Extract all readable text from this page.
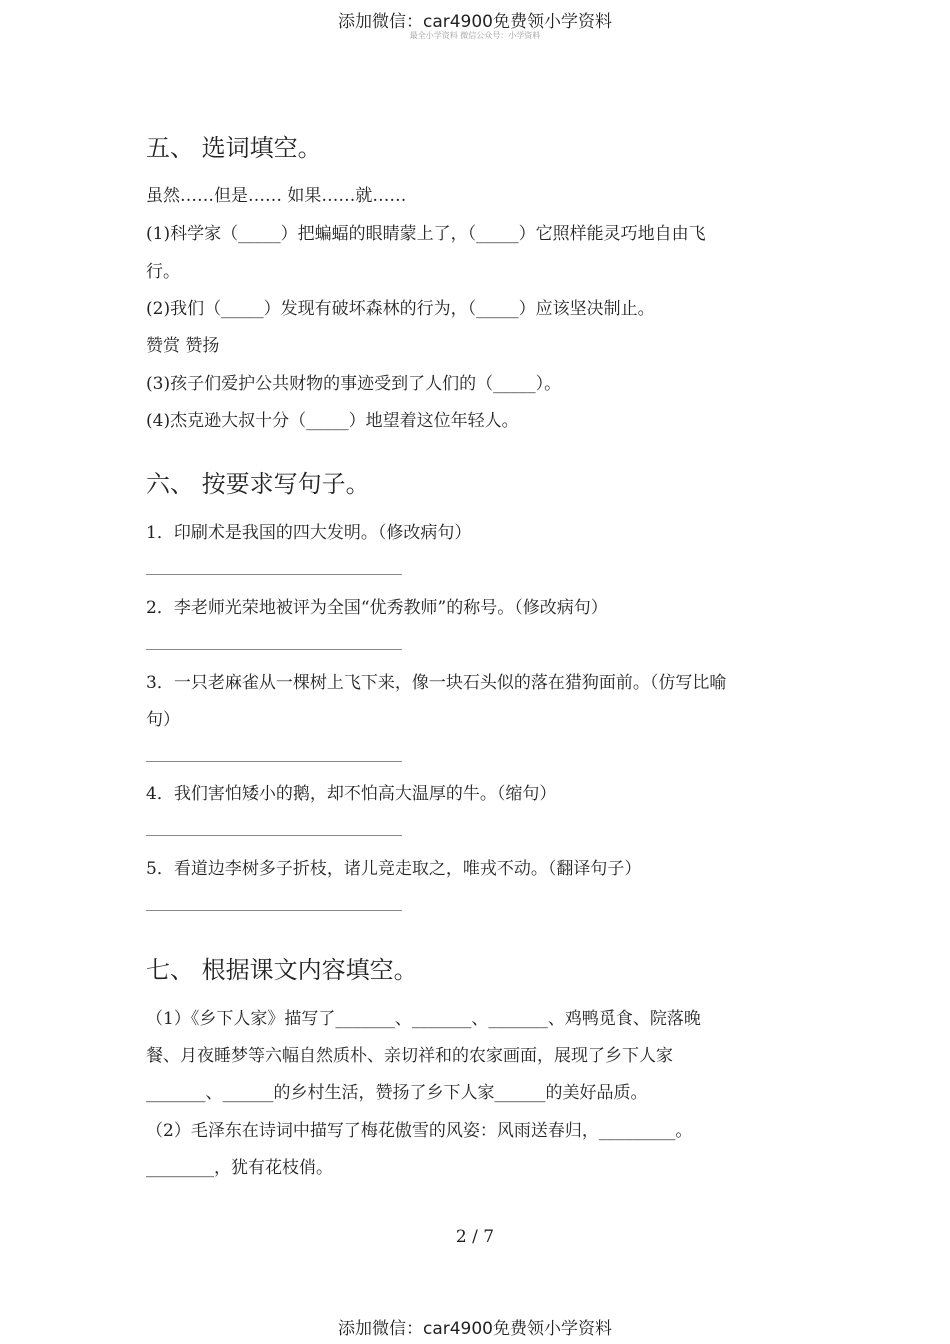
添加微信：car4900免费领小学资料
最全小学资料 微信公众号：小学资料
五、 选词填空。
虽然……但是…… 如果……就……
(1)科学家（_____）把蝙蝠的眼睛蒙上了，（_____）它照样能灵巧地自由飞
行。
(2)我们（_____）发现有破坏森林的行为，（_____）应该坚决制止。
赞赏 赞扬
(3)孩子们爱护公共财物的事迹受到了人们的（_____）。
(4)杰克逊大叔十分（_____）地望着这位年轻人。
六、 按要求写句子。
1．印刷术是我国的四大发明。（修改病句）
2．李老师光荣地被评为全国“优秀教师”的称号。（修改病句）
3．一只老麻雀从一棵树上飞下来，像一块石头似的落在猎狗面前。（仿写比喻
句）
4．我们害怕矮小的鹅，却不怕高大温厚的牛。（缩句）
5．看道边李树多子折枝，诸儿竞走取之，唯戎不动。（翻译句子）
七、 根据课文内容填空。
（1）《乡下人家》描写了_______、_______、_______、鸡鸭觅食、院落晚
餐、月夜睡梦等六幅自然质朴、亲切祥和的农家画面，展现了乡下人家
_______、______的乡村生活，赞扬了乡下人家______的美好品质。
（2）毛泽东在诗词中描写了梅花傲雪的风姿：风雨送春归，_________。
________，犹有花枝俏。
2 / 7
添加微信：car4900免费领小学资料
